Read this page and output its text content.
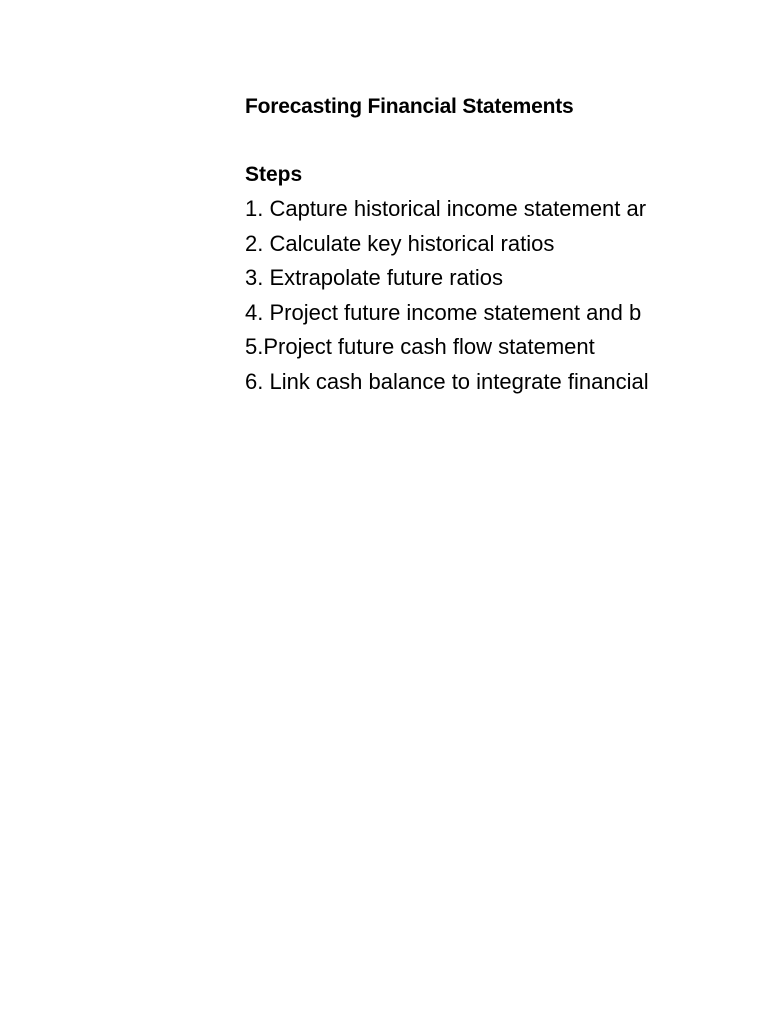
Forecasting Financial Statements

Steps

1. Capture historical income statement ar
2. Calculate key historical ratios
3. Extrapolate future ratios
4. Project future income statement and b
5.Project future cash flow statement
6. Link cash balance to integrate financial
